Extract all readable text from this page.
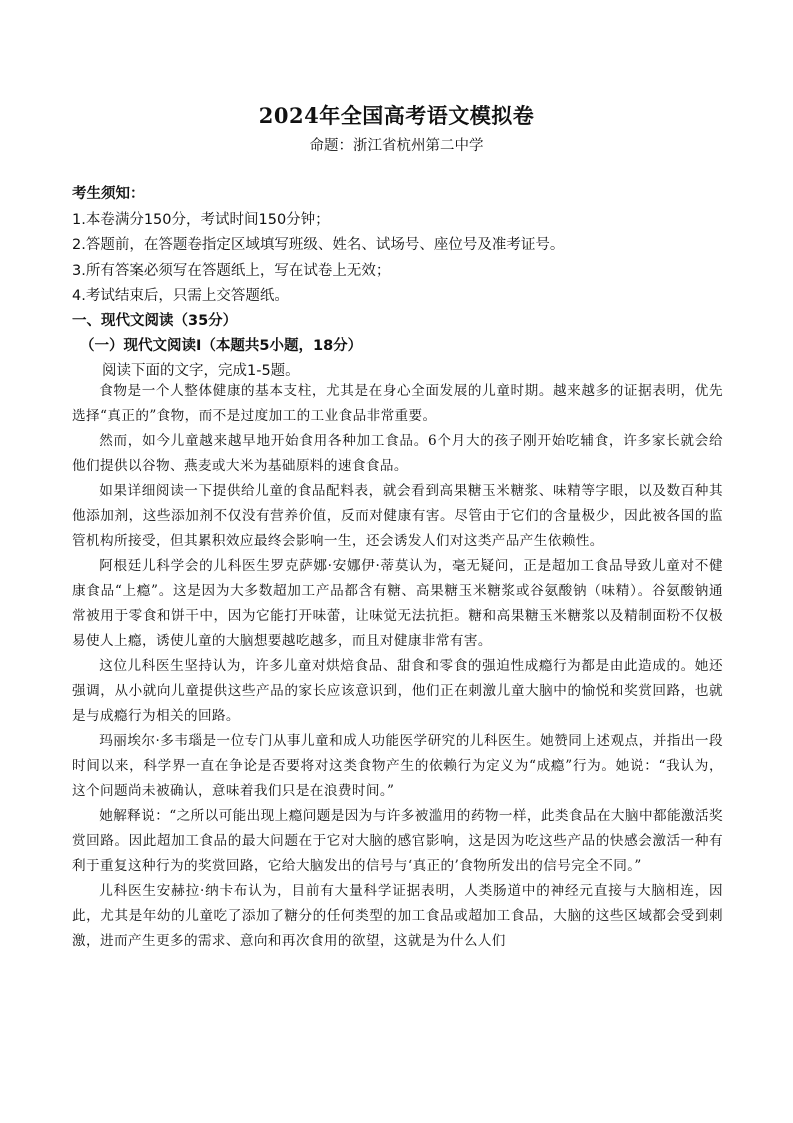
2024年全国高考语文模拟卷
命题：浙江省杭州第二中学
考生须知：
1.本卷满分150分，考试时间150分钟；
2.答题前，在答题卷指定区域填写班级、姓名、试场号、座位号及准考证号。
3.所有答案必须写在答题纸上，写在试卷上无效；
4.考试结束后，只需上交答题纸。
一、现代文阅读（35分）
（一）现代文阅读Ⅰ（本题共5小题，18分）
阅读下面的文字，完成1-5题。

食物是一个人整体健康的基本支柱，尤其是在身心全面发展的儿童时期。越来越多的证据表明，优先选择“真正的”食物，而不是过度加工的工业食品非常重要。

然而，如今儿童越来越早地开始食用各种加工食品。6个月大的孩子刚开始吃辅食，许多家长就会给他们提供以谷物、燕麦或大米为基础原料的速食食品。

如果详细阅读一下提供给儿童的食品配料表，就会看到高果糖玉米糖浆、味精等字眼，以及数百种其他添加剂，这些添加剂不仅没有营养价值，反而对健康有害。尽管由于它们的含量极少，因此被各国的监管机构所接受，但其累积效应最终会影响一生，还会诱发人们对这类产品产生依赖性。

阿根廷儿科学会的儿科医生罗克萨娜·安娜伊·蒂莫认为，毫无疑问，正是超加工食品导致儿童对不健康食品“上瘾”。这是因为大多数超加工产品都含有糖、高果糖玉米糖浆或谷氨酸钠（味精）。谷氨酸钠通常被用于零食和饼干中，因为它能打开味蕾，让味觉无法抗拒。糖和高果糖玉米糖浆以及精制面粉不仅极易使人上瘾，诱使儿童的大脑想要越吃越多，而且对健康非常有害。

这位儿科医生坚持认为，许多儿童对烘焙食品、甜食和零食的强迫性成瘾行为都是由此造成的。她还强调，从小就向儿童提供这些产品的家长应该意识到，他们正在刺激儿童大脑中的愉悦和奖赏回路，也就是与成瘾行为相关的回路。

玛丽埃尔·多韦瑙是一位专门从事儿童和成人功能医学研究的儿科医生。她赞同上述观点，并指出一段时间以来，科学界一直在争论是否要将对这类食物产生的依赖行为定义为“成瘾”行为。她说：“我认为，这个问题尚未被确认，意味着我们只是在浪费时间。”

她解释说：“之所以可能出现上瘾问题是因为与许多被滥用的药物一样，此类食品在大脑中都能激活奖赏回路。因此超加工食品的最大问题在于它对大脑的感官影响，这是因为吃这些产品的快感会激活一种有利于重复这种行为的奖赏回路，它给大脑发出的信号与‘真正的’食物所发出的信号完全不同。”

儿科医生安赫拉·纳卡布认为，目前有大量科学证据表明，人类肠道中的神经元直接与大脑相连，因此，尤其是年幼的儿童吃了添加了糖分的任何类型的加工食品或超加工食品，大脑的这些区域都会受到刺激，进而产生更多的需求、意向和再次食用的欲望，这就是为什么人们
